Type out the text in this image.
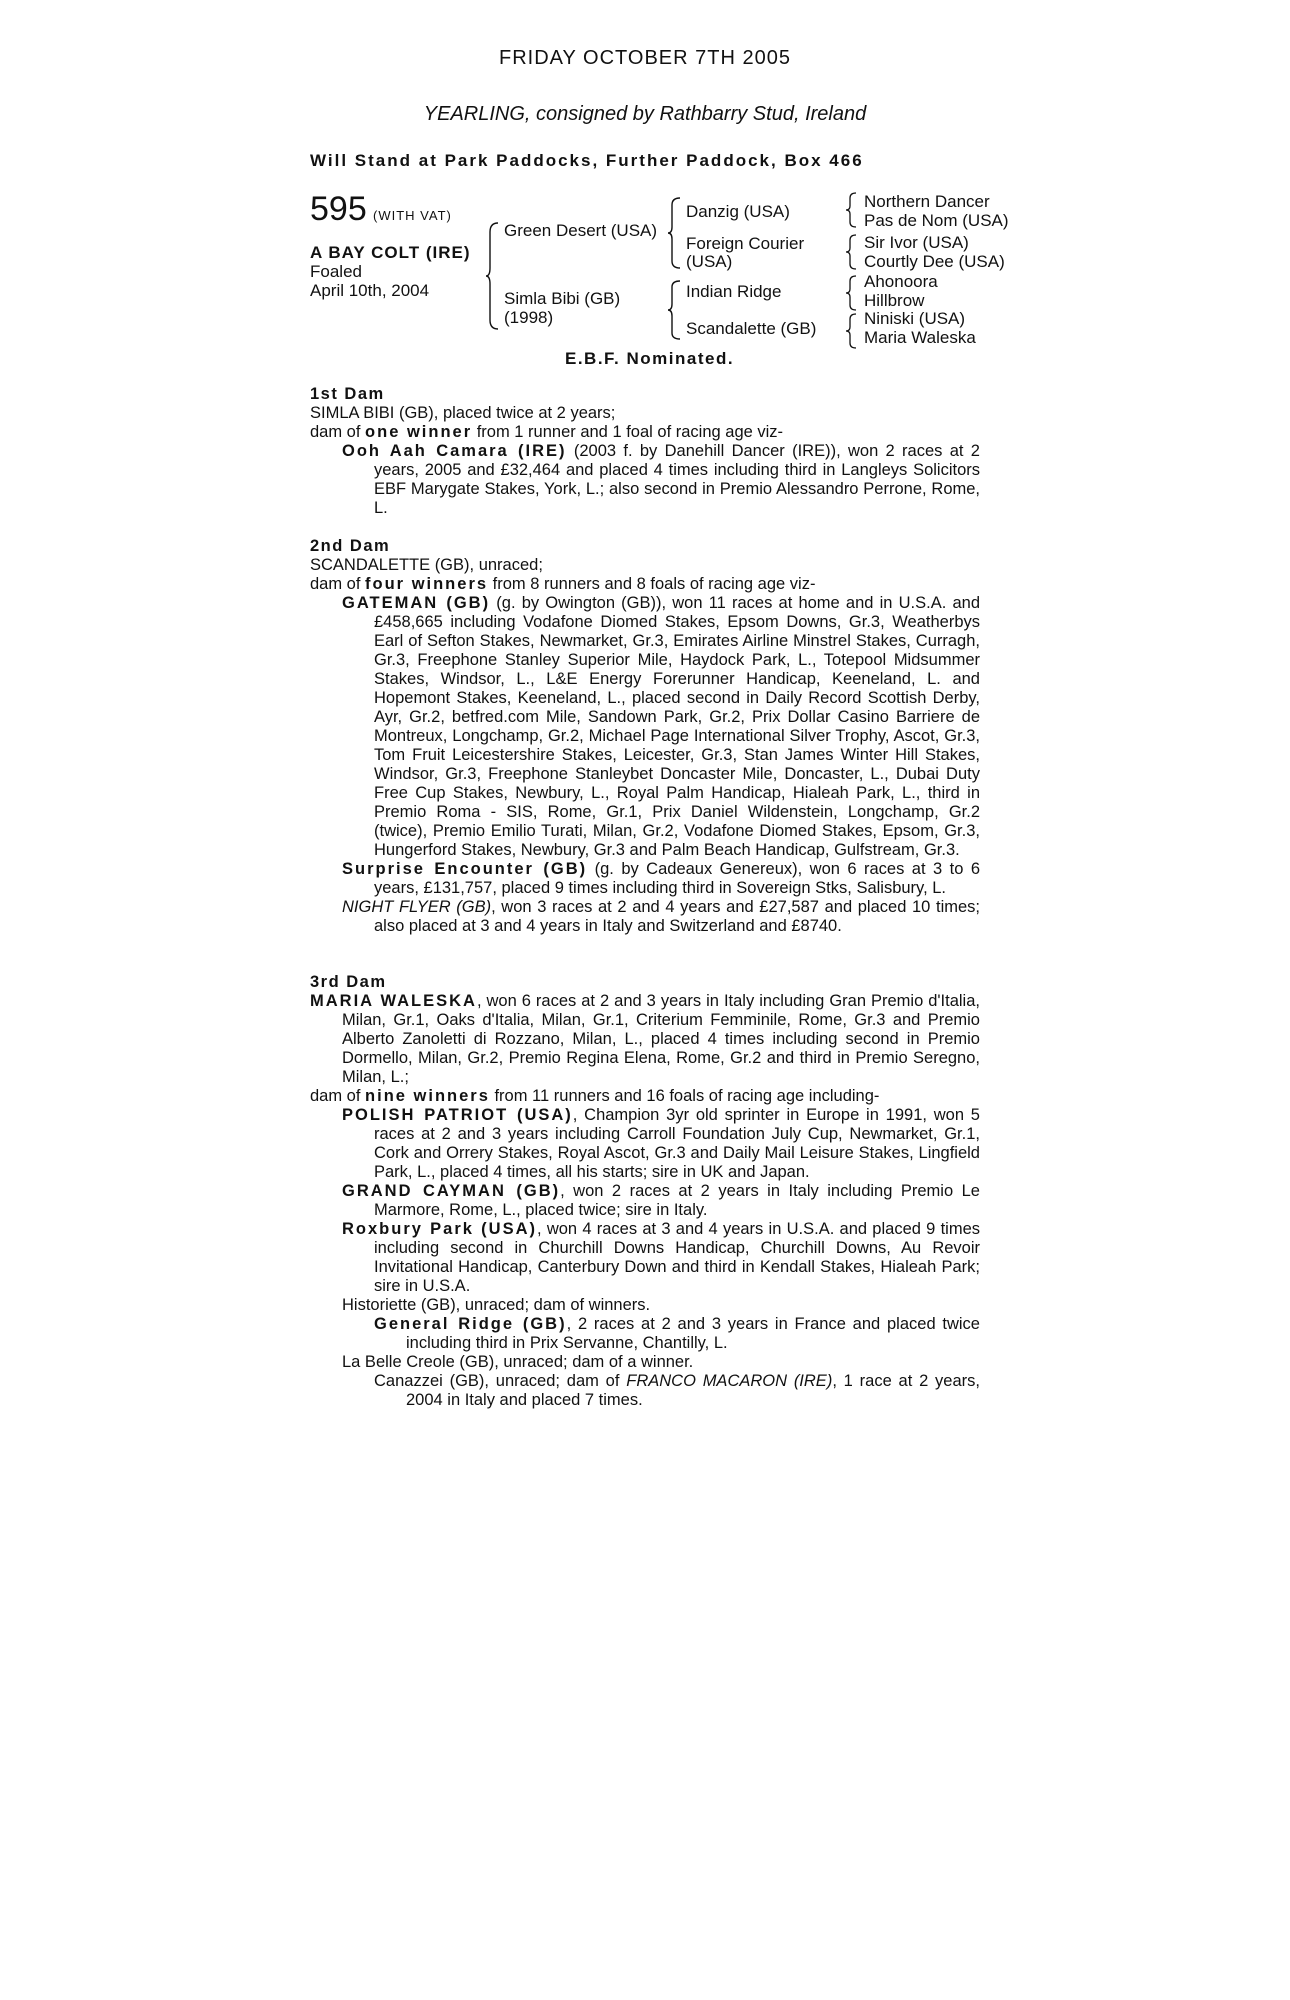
FRIDAY OCTOBER 7TH 2005
YEARLING, consigned by Rathbarry Stud, Ireland
Will Stand at Park Paddocks, Further Paddock, Box 466
595 (WITH VAT)
A BAY COLT (IRE)
Foaled
April 10th, 2004
Green Desert (USA)
Simla Bibi (GB)
(1998)
Danzig (USA)
Foreign Courier
(USA)
Indian Ridge
Scandalette (GB)
Northern Dancer
Pas de Nom (USA)
Sir Ivor (USA)
Courtly Dee (USA)
Ahonoora
Hillbrow
Niniski (USA)
Maria Waleska
E.B.F. Nominated.

1st Dam

SIMLA BIBI (GB), placed twice at 2 years;

dam of one winner from 1 runner and 1 foal of racing age viz-

Ooh Aah Camara (IRE) (2003 f. by Danehill Dancer (IRE)), won 2 races at 2 years, 2005 and £32,464 and placed 4 times including third in Langleys Solicitors EBF Marygate Stakes, York, L.; also second in Premio Alessandro Perrone, Rome, L.

2nd Dam

SCANDALETTE (GB), unraced;

dam of four winners from 8 runners and 8 foals of racing age viz-

GATEMAN (GB) (g. by Owington (GB)), won 11 races at home and in U.S.A. and £458,665 including Vodafone Diomed Stakes, Epsom Downs, Gr.3, Weatherbys Earl of Sefton Stakes, Newmarket, Gr.3, Emirates Airline Minstrel Stakes, Curragh, Gr.3, Freephone Stanley Superior Mile, Haydock Park, L., Totepool Midsummer Stakes, Windsor, L., L&E Energy Forerunner Handicap, Keeneland, L. and Hopemont Stakes, Keeneland, L., placed second in Daily Record Scottish Derby, Ayr, Gr.2, betfred.com Mile, Sandown Park, Gr.2, Prix Dollar Casino Barriere de Montreux, Longchamp, Gr.2, Michael Page International Silver Trophy, Ascot, Gr.3, Tom Fruit Leicestershire Stakes, Leicester, Gr.3, Stan James Winter Hill Stakes, Windsor, Gr.3, Freephone Stanleybet Doncaster Mile, Doncaster, L., Dubai Duty Free Cup Stakes, Newbury, L., Royal Palm Handicap, Hialeah Park, L., third in Premio Roma - SIS, Rome, Gr.1, Prix Daniel Wildenstein, Longchamp, Gr.2 (twice), Premio Emilio Turati, Milan, Gr.2, Vodafone Diomed Stakes, Epsom, Gr.3, Hungerford Stakes, Newbury, Gr.3 and Palm Beach Handicap, Gulfstream, Gr.3.

Surprise Encounter (GB) (g. by Cadeaux Genereux), won 6 races at 3 to 6 years, £131,757, placed 9 times including third in Sovereign Stks, Salisbury, L.

NIGHT FLYER (GB), won 3 races at 2 and 4 years and £27,587 and placed 10 times; also placed at 3 and 4 years in Italy and Switzerland and £8740.

3rd Dam

MARIA WALESKA, won 6 races at 2 and 3 years in Italy including Gran Premio d'Italia, Milan, Gr.1, Oaks d'Italia, Milan, Gr.1, Criterium Femminile, Rome, Gr.3 and Premio Alberto Zanoletti di Rozzano, Milan, L., placed 4 times including second in Premio Dormello, Milan, Gr.2, Premio Regina Elena, Rome, Gr.2 and third in Premio Seregno, Milan, L.;

dam of nine winners from 11 runners and 16 foals of racing age including-

POLISH PATRIOT (USA), Champion 3yr old sprinter in Europe in 1991, won 5 races at 2 and 3 years including Carroll Foundation July Cup, Newmarket, Gr.1, Cork and Orrery Stakes, Royal Ascot, Gr.3 and Daily Mail Leisure Stakes, Lingfield Park, L., placed 4 times, all his starts; sire in UK and Japan.

GRAND CAYMAN (GB), won 2 races at 2 years in Italy including Premio Le Marmore, Rome, L., placed twice; sire in Italy.

Roxbury Park (USA), won 4 races at 3 and 4 years in U.S.A. and placed 9 times including second in Churchill Downs Handicap, Churchill Downs, Au Revoir Invitational Handicap, Canterbury Down and third in Kendall Stakes, Hialeah Park; sire in U.S.A.

Historiette (GB), unraced; dam of winners.

General Ridge (GB), 2 races at 2 and 3 years in France and placed twice including third in Prix Servanne, Chantilly, L.

La Belle Creole (GB), unraced; dam of a winner.

Canazzei (GB), unraced; dam of FRANCO MACARON (IRE), 1 race at 2 years, 2004 in Italy and placed 7 times.
